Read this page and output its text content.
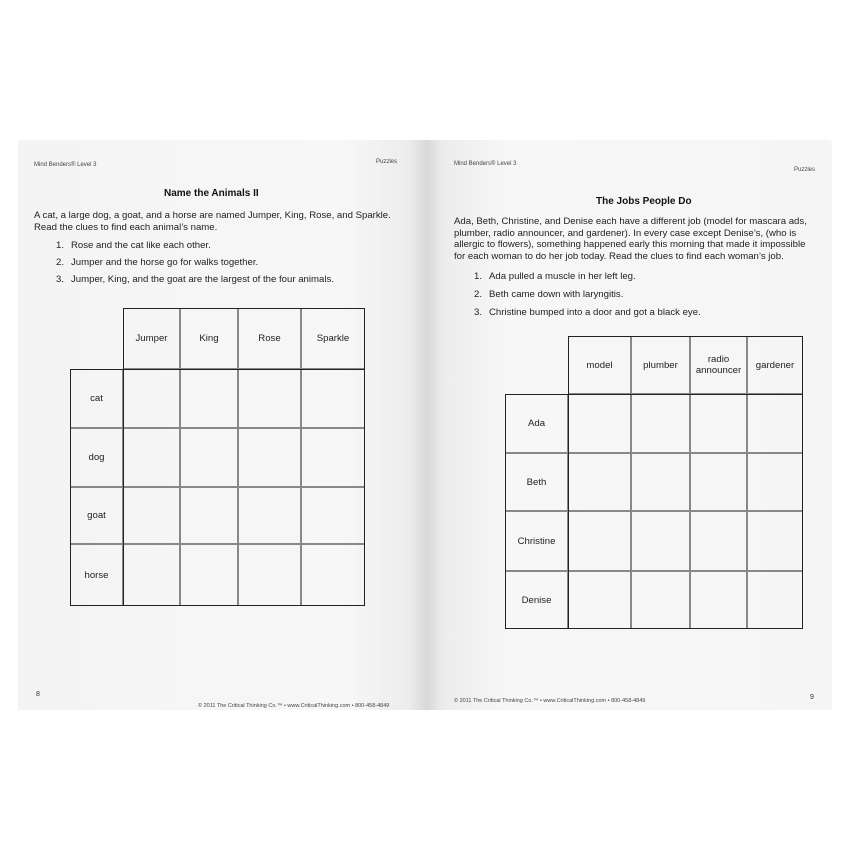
Mind Benders® Level 3	Puzzles
Name the Animals II
A cat, a large dog, a goat, and a horse are named Jumper, King, Rose, and Sparkle.
Read the clues to find each animal’s name.
1. Rose and the cat like each other.
2. Jumper and the horse go for walks together.
3. Jumper, King, and the goat are the largest of the four animals.
Jumper	King	Rose	Sparkle
cat
dog
goat
horse
8
© 2011 The Critical Thinking Co.™ • www.CriticalThinking.com • 800-458-4849
Mind Benders® Level 3
Puzzles
The Jobs People Do
Ada, Beth, Christine, and Denise each have a different job (model for mascara ads,
plumber, radio announcer, and gardener). In every case except Denise’s, (who is
allergic to flowers), something happened early this morning that made it impossible
for each woman to do her job today. Read the clues to find each woman’s job.
1. Ada pulled a muscle in her left leg.
2. Beth came down with laryngitis.
3. Christine bumped into a door and got a black eye.
model	plumber	radio announcer	gardener
Ada
Beth
Christine
Denise
9
© 2011 The Critical Thinking Co.™ • www.CriticalThinking.com • 800-458-4849
